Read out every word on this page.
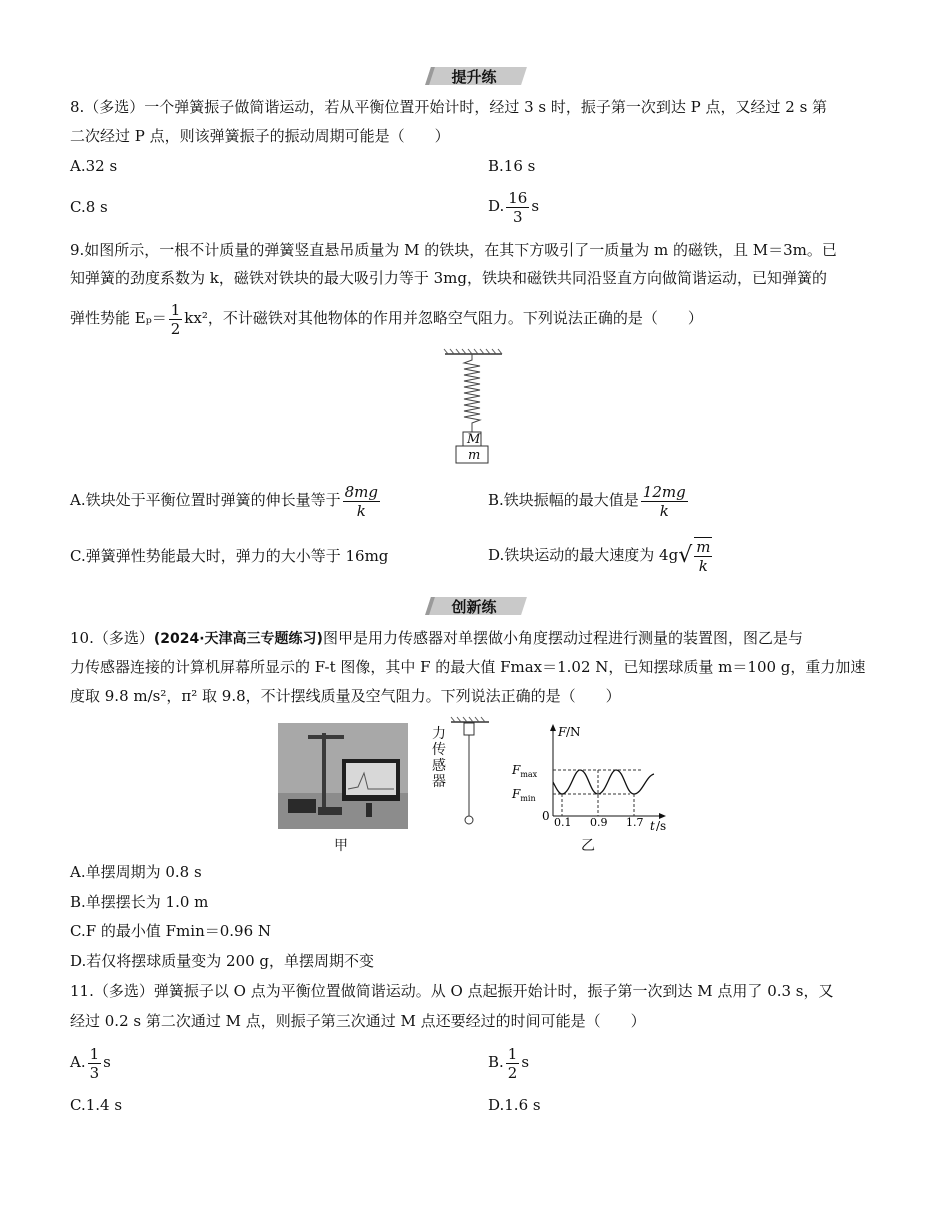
提升练
8.（多选）一个弹簧振子做简谐运动，若从平衡位置开始计时，经过 3 s 时，振子第一次到达 P 点，又经过 2 s 第
二次经过 P 点，则该弹簧振子的振动周期可能是（　　）
A.32 s	B.16 s
C.8 s	D. $\frac{16}{3}$ s
9.如图所示，一根不计质量的弹簧竖直悬吊质量为 M 的铁块，在其下方吸引了一质量为 m 的磁铁，且 M＝3m。已
知弹簧的劲度系数为 k，磁铁对铁块的最大吸引力等于 3mg，铁块和磁铁共同沿竖直方向做简谐运动，已知弹簧的
弹性势能 $E_p= \frac{1}{2} kx^2$，不计磁铁对其他物体的作用并忽略空气阻力。下列说法正确的是（　　）
M
m
A.铁块处于平衡位置时弹簧的伸长量等于 $\frac{8mg}{k}$	B.铁块振幅的最大值是 $\frac{12mg}{k}$
C.弹簧弹性势能最大时，弹力的大小等于 16mg	D.铁块运动的最大速度为 $4g√ \frac{m}{k}$
创新练
10.（多选）(2024·天津高三专题练习)图甲是用力传感器对单摆做小角度摆动过程进行测量的装置图，图乙是与
力传感器连接的计算机屏幕所显示的 F-t 图像，其中 F 的最大值 Fmax＝1.02 N，已知摆球质量 m＝100 g，重力加速
度取 9.8 m/s²，π² 取 9.8，不计摆线质量及空气阻力。下列说法正确的是（　　）
甲
力传感器
F /N
t /s
0
$F_{max}$
$F_{min}$
0.1 0.9 1.7
乙
A.单摆周期为 0.8 s
B.单摆摆长为 1.0 m
C.F 的最小值 Fmin＝0.96 N
D.若仅将摆球质量变为 200 g，单摆周期不变
11.（多选）弹簧振子以 O 点为平衡位置做简谐运动。从 O 点起振开始计时，振子第一次到达 M 点用了 0.3 s，又
经过 0.2 s 第二次通过 M 点，则振子第三次通过 M 点还要经过的时间可能是（　　）
A. $\frac{1}{3}$ s	B. $\frac{1}{2}$ s
C.1.4 s	D.1.6 s
